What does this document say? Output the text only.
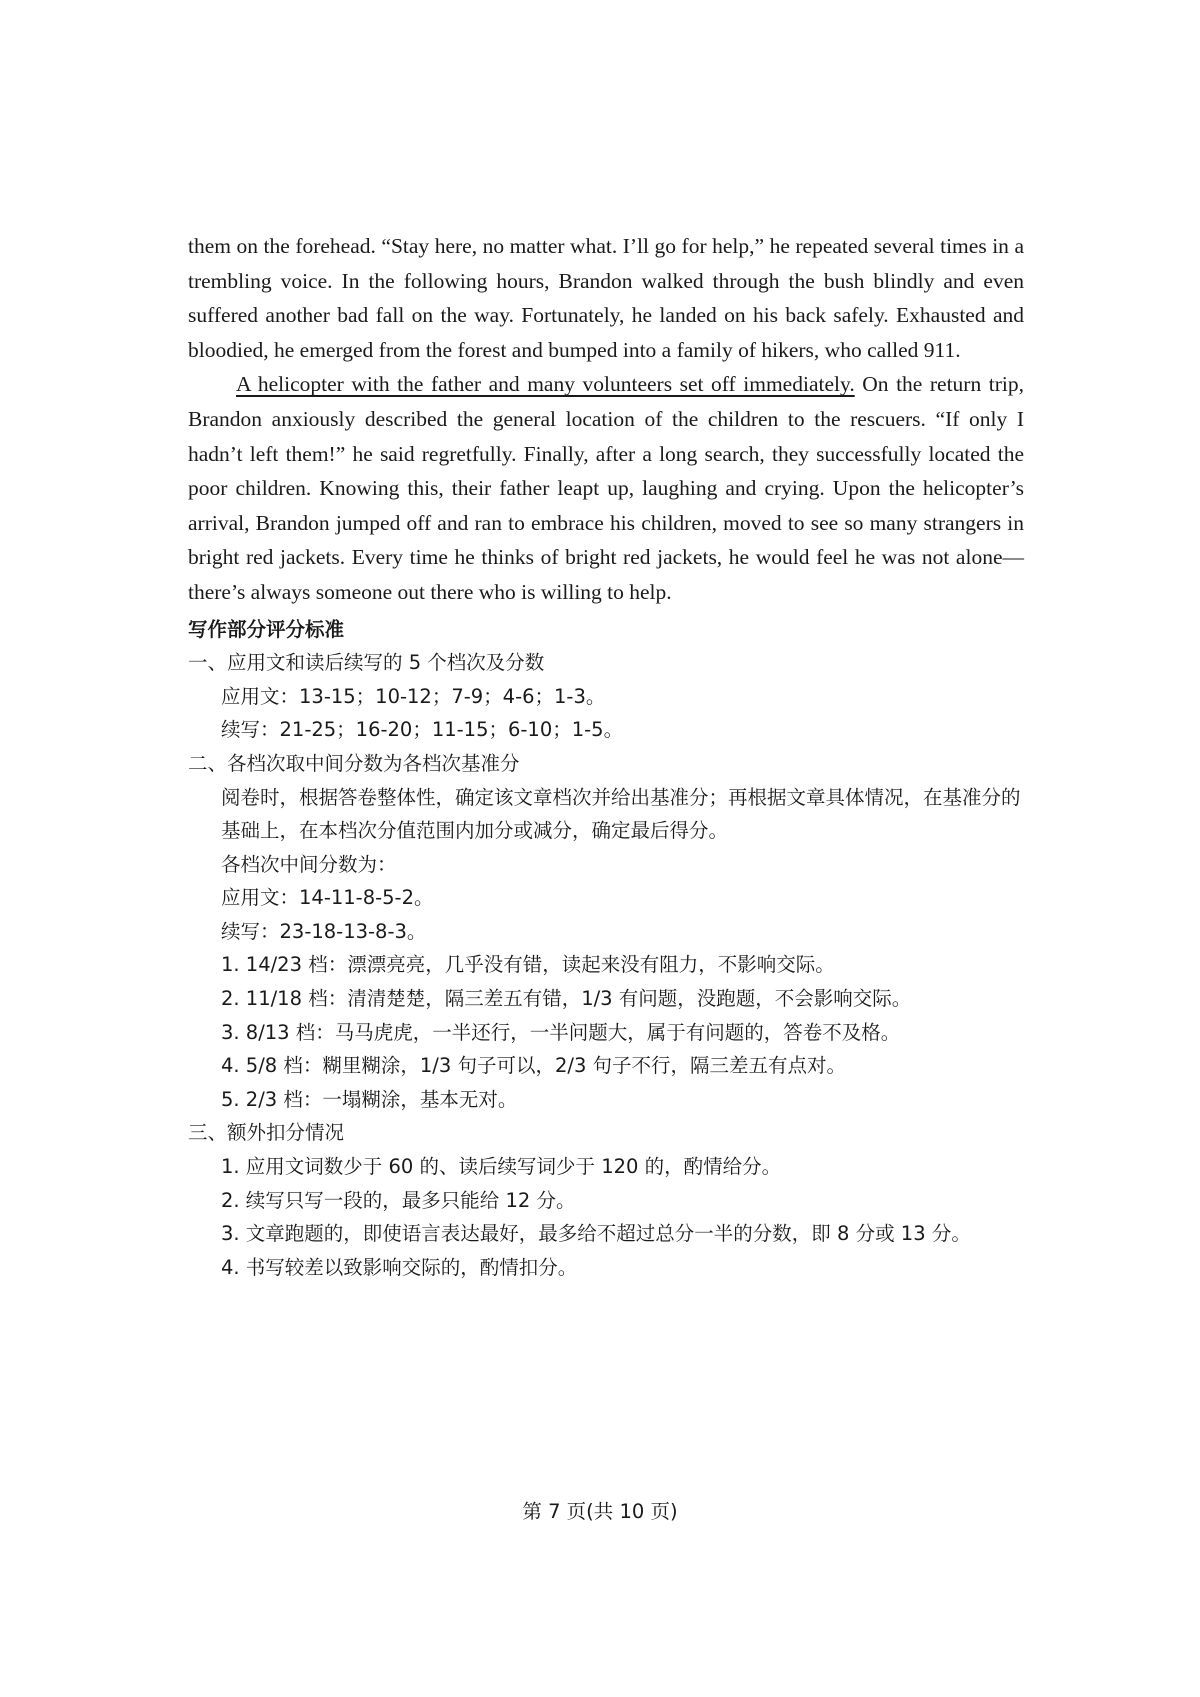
them on the forehead. “Stay here, no matter what. I’ll go for help,” he repeated several times in a trembling voice. In the following hours, Brandon walked through the bush blindly and even suffered another bad fall on the way. Fortunately, he landed on his back safely. Exhausted and bloodied, he emerged from the forest and bumped into a family of hikers, who called 911.

A helicopter with the father and many volunteers set off immediately. On the return trip, Brandon anxiously described the general location of the children to the rescuers. “If only I hadn’t left them!” he said regretfully. Finally, after a long search, they successfully located the poor children. Knowing this, their father leapt up, laughing and crying. Upon the helicopter’s arrival, Brandon jumped off and ran to embrace his children, moved to see so many strangers in bright red jackets. Every time he thinks of bright red jackets, he would feel he was not alone—there’s always someone out there who is willing to help.

写作部分评分标准

一、应用文和读后续写的 5 个档次及分数

应用文：13-15；10-12；7-9；4-6；1-3。

续写：21-25；16-20；11-15；6-10；1-5。

二、各档次取中间分数为各档次基准分

阅卷时，根据答卷整体性，确定该文章档次并给出基准分；再根据文章具体情况，在基准分的基础上，在本档次分值范围内加分或减分，确定最后得分。

各档次中间分数为：

应用文：14-11-8-5-2。

续写：23-18-13-8-3。

1. 14/23 档：漂漂亮亮，几乎没有错，读起来没有阻力，不影响交际。

2. 11/18 档：清清楚楚，隔三差五有错，1/3 有问题，没跑题，不会影响交际。

3. 8/13 档：马马虎虎，一半还行，一半问题大，属于有问题的，答卷不及格。

4. 5/8 档：糊里糊涂，1/3 句子可以，2/3 句子不行，隔三差五有点对。

5. 2/3 档：一塌糊涂，基本无对。

三、额外扣分情况

1. 应用文词数少于 60 的、读后续写词少于 120 的，酌情给分。

2. 续写只写一段的，最多只能给 12 分。

3. 文章跑题的，即使语言表达最好，最多给不超过总分一半的分数，即 8 分或 13 分。

4. 书写较差以致影响交际的，酌情扣分。

第 7 页(共 10 页)
